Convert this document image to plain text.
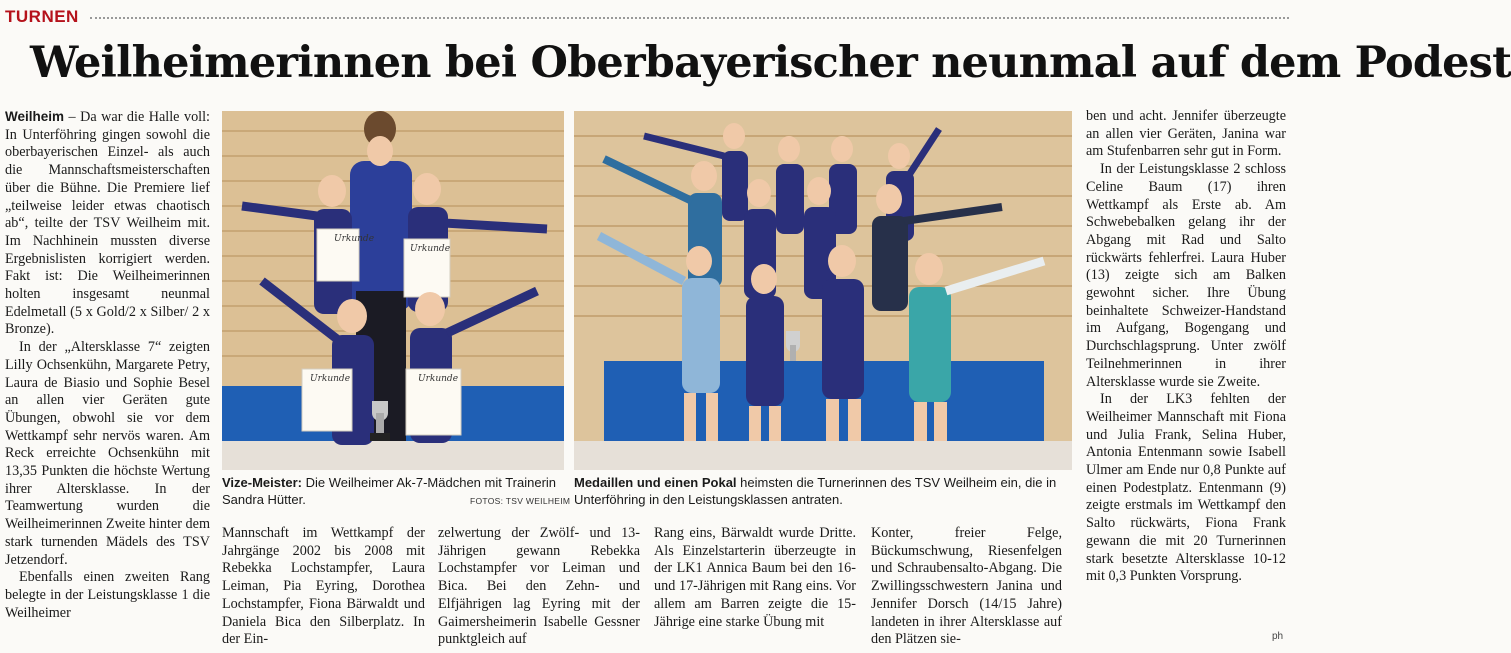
TURNEN
Weilheimerinnen bei Oberbayerischer neunmal auf dem Podest

Weilheim – Da war die Halle voll: In Unterföhring gingen sowohl die oberbayerischen Einzel- als auch die Mannschaftsmeisterschaften über die Bühne. Die Premiere lief „teilweise leider etwas chaotisch ab“, teilte der TSV Weilheim mit. Im Nachhinein mussten diverse Ergebnislisten korrigiert werden. Fakt ist: Die Weilheimerinnen holten insgesamt neunmal Edelmetall (5 x Gold/2 x Silber/ 2 x Bronze).

In der „Altersklasse 7“ zeigten Lilly Ochsenkühn, Margarete Petry, Laura de Biasio und Sophie Besel an allen vier Geräten gute Übungen, obwohl sie vor dem Wettkampf sehr nervös waren. Am Reck erreichte Ochsenkühn mit 13,35 Punkten die höchste Wertung ihrer Altersklasse. In der Teamwertung wurden die Weilheimerinnen Zweite hinter dem stark turnenden Mädels des TSV Jetzendorf.

Ebenfalls einen zweiten Rang belegte in der Leistungsklasse 1 die Weilheimer

Urkunde
Urkunde
Urkunde	Urkunde
Vize-Meister: Die Weilheimer Ak-7-Mädchen mit Trainerin Sandra Hütter.	FOTOS: TSV WEILHEIM
Medaillen und einen Pokal heimsten die Turnerinnen des TSV Weilheim ein, die in Unterföhring in den Leistungsklassen antraten.

Mannschaft im Wettkampf der Jahrgänge 2002 bis 2008 mit Rebekka Lochstampfer, Laura Leiman, Pia Eyring, Dorothea Lochstampfer, Fiona Bärwaldt und Daniela Bica den Silberplatz. In der Ein-

zelwertung der Zwölf- und 13-Jährigen gewann Rebekka Lochstampfer vor Leiman und Bica. Bei den Zehn- und Elfjährigen lag Eyring mit der Gaimersheimerin Isabelle Gessner punktgleich auf

Rang eins, Bärwaldt wurde Dritte. Als Einzelstarterin überzeugte in der LK1 Annica Baum bei den 16- und 17-Jährigen mit Rang eins. Vor allem am Barren zeigte die 15-Jährige eine starke Übung mit

Konter, freier Felge, Bückumschwung, Riesenfelgen und Schraubensalto-Abgang. Die Zwillingsschwestern Janina und Jennifer Dorsch (14/15 Jahre) landeten in ihrer Altersklasse auf den Plätzen sie-

ben und acht. Jennifer überzeugte an allen vier Geräten, Janina war am Stufenbarren sehr gut in Form.

In der Leistungsklasse 2 schloss Celine Baum (17) ihren Wettkampf als Erste ab. Am Schwebebalken gelang ihr der Abgang mit Rad und Salto rückwärts fehlerfrei. Laura Huber (13) zeigte sich am Balken gewohnt sicher. Ihre Übung beinhaltete Schweizer-Handstand im Aufgang, Bogengang und Durchschlagsprung. Unter zwölf Teilnehmerinnen in ihrer Altersklasse wurde sie Zweite.

In der LK3 fehlten der Weilheimer Mannschaft mit Fiona und Julia Frank, Selina Huber, Antonia Entenmann sowie Isabell Ulmer am Ende nur 0,8 Punkte auf einen Podestplatz. Entenmann (9) zeigte erstmals im Wettkampf den Salto rückwärts, Fiona Frank gewann die mit 20 Turnerinnen stark besetzte Altersklasse 10-12 mit 0,3 Punkten Vorsprung.

ph
